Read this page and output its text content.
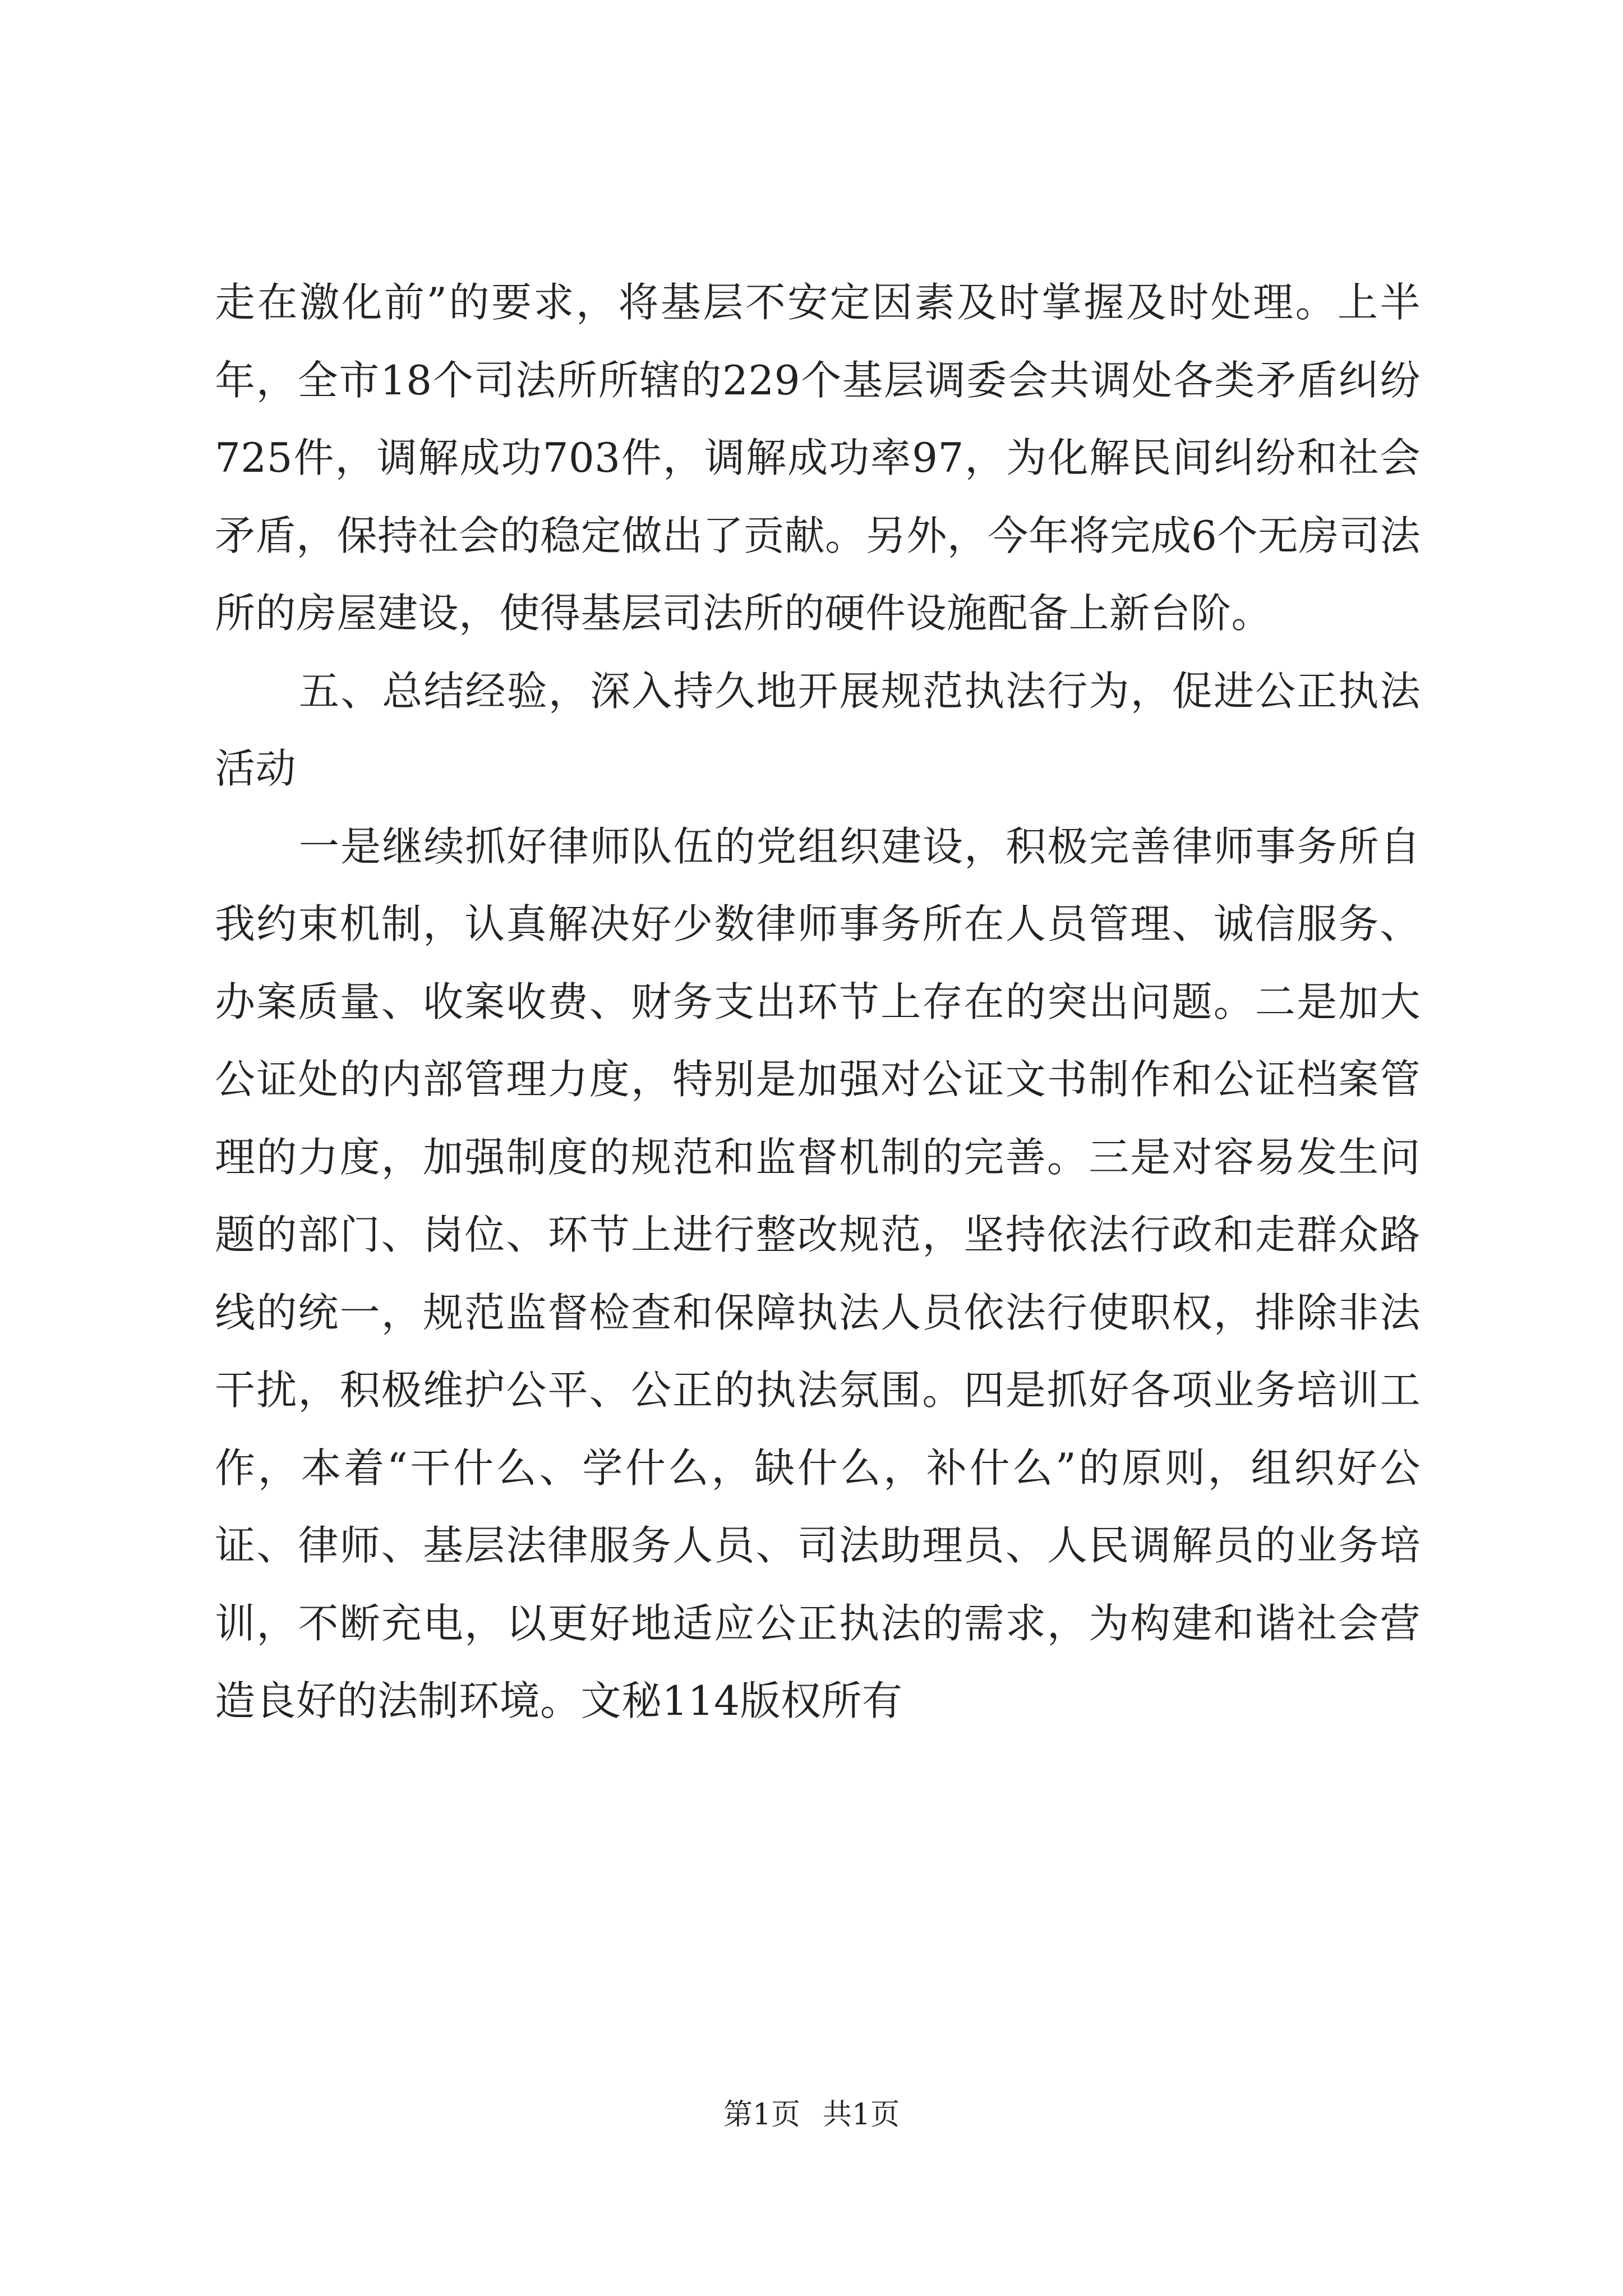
走在激化前”的要求，将基层不安定因素及时掌握及时处理。上半年，全市18个司法所所辖的229个基层调委会共调处各类矛盾纠纷725件，调解成功703件，调解成功率97，为化解民间纠纷和社会矛盾，保持社会的稳定做出了贡献。另外，今年将完成6个无房司法所的房屋建设，使得基层司法所的硬件设施配备上新台阶。

五、总结经验，深入持久地开展规范执法行为，促进公正执法活动

一是继续抓好律师队伍的党组织建设，积极完善律师事务所自我约束机制，认真解决好少数律师事务所在人员管理、诚信服务、办案质量、收案收费、财务支出环节上存在的突出问题。二是加大公证处的内部管理力度，特别是加强对公证文书制作和公证档案管理的力度，加强制度的规范和监督机制的完善。三是对容易发生问题的部门、岗位、环节上进行整改规范，坚持依法行政和走群众路线的统一，规范监督检查和保障执法人员依法行使职权，排除非法干扰，积极维护公平、公正的执法氛围。四是抓好各项业务培训工作，本着“干什么、学什么，缺什么，补什么”的原则，组织好公证、律师、基层法律服务人员、司法助理员、人民调解员的业务培训，不断充电，以更好地适应公正执法的需求，为构建和谐社会营造良好的法制环境。文秘114版权所有

第1页 共1页
